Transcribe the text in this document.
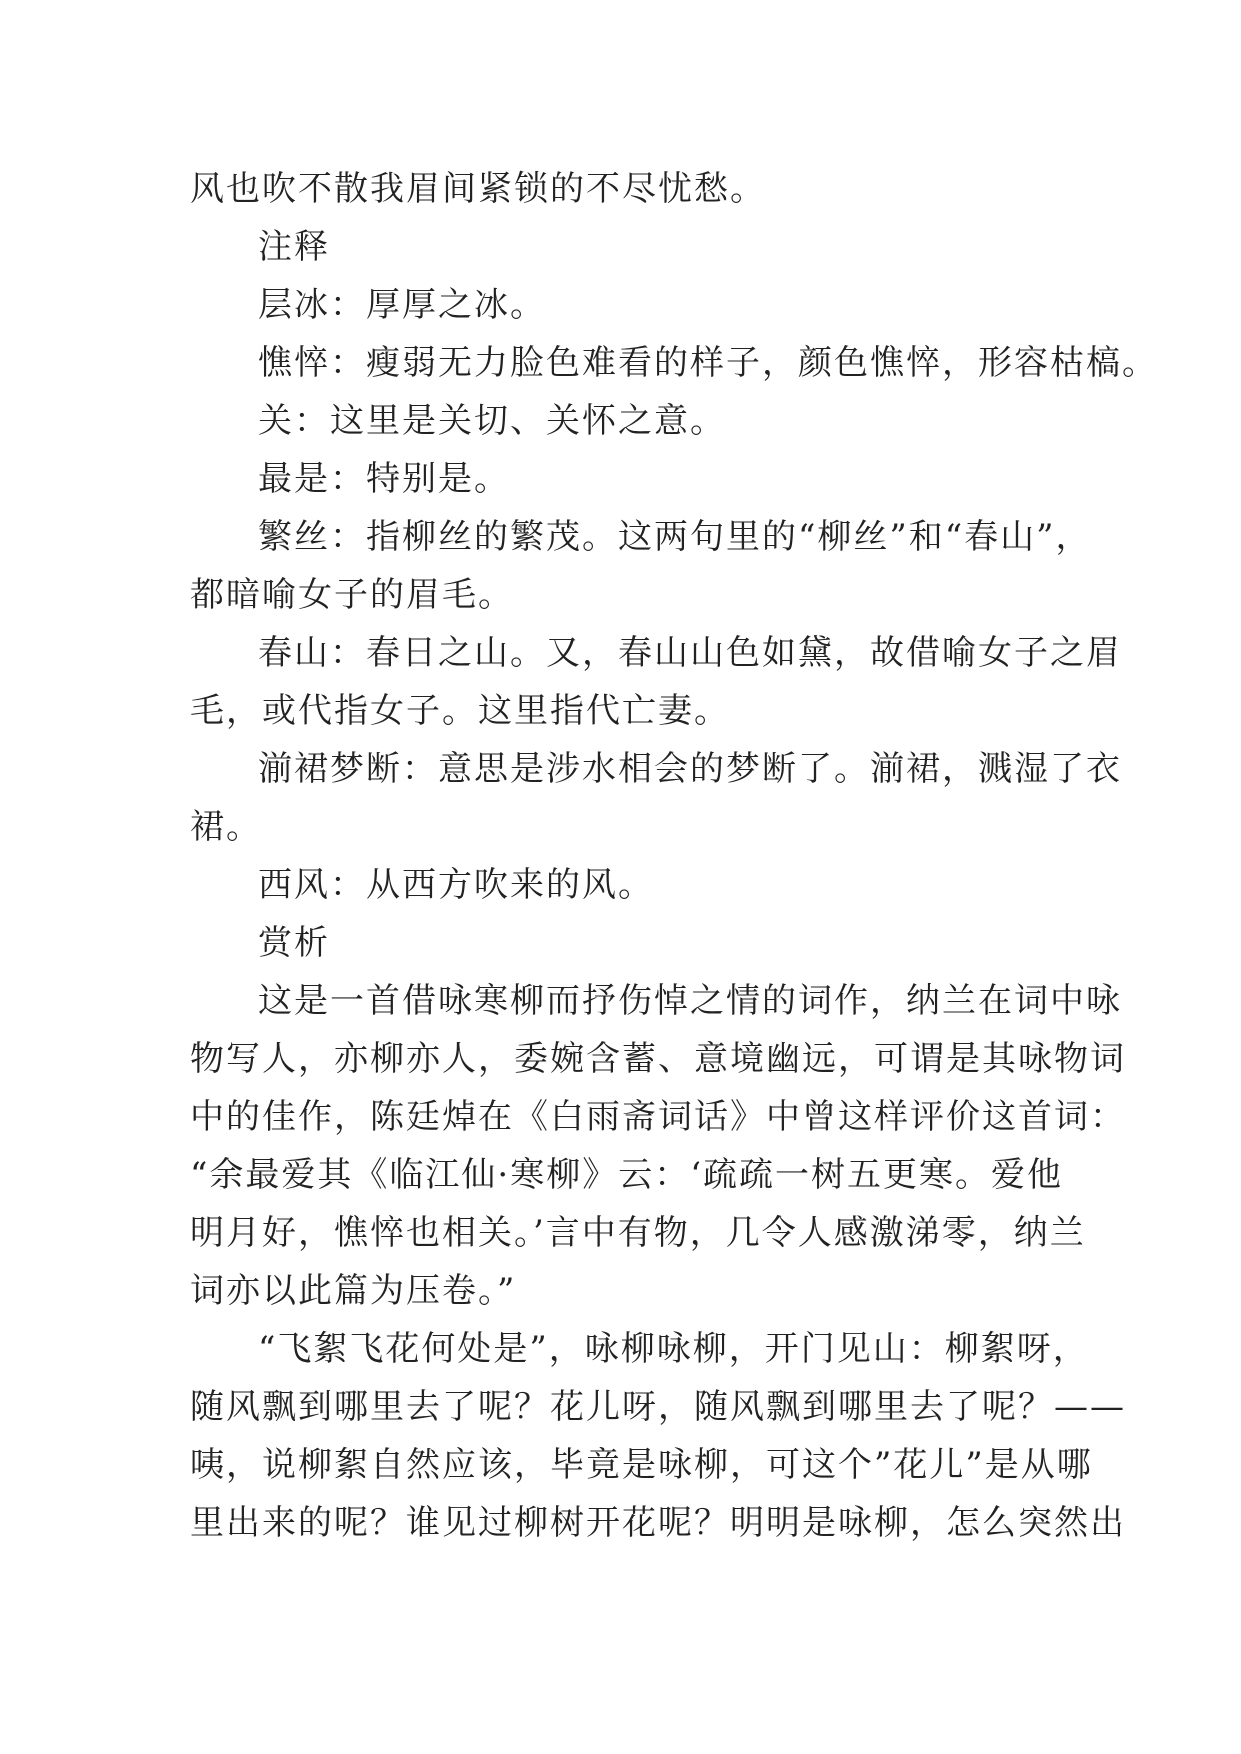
风也吹不散我眉间紧锁的不尽忧愁。
注释
层冰：厚厚之冰。
憔悴：瘦弱无力脸色难看的样子，颜色憔悴，形容枯槁。
关：这里是关切、关怀之意。
最是：特别是。
繁丝：指柳丝的繁茂。这两句里的“柳丝”和“春山”，
都暗喻女子的眉毛。
春山：春日之山。又，春山山色如黛，故借喻女子之眉
毛，或代指女子。这里指代亡妻。
湔裙梦断：意思是涉水相会的梦断了。湔裙，溅湿了衣
裙。
西风：从西方吹来的风。
赏析
这是一首借咏寒柳而抒伤悼之情的词作，纳兰在词中咏
物写人，亦柳亦人，委婉含蓄、意境幽远，可谓是其咏物词
中的佳作，陈廷焯在《白雨斋词话》中曾这样评价这首词：
“余最爱其《临江仙·寒柳》云：‘疏疏一树五更寒。爱他
明月好，憔悴也相关。’言中有物，几令人感激涕零，纳兰
词亦以此篇为压卷。”
“飞絮飞花何处是”，咏柳咏柳，开门见山：柳絮呀，
随风飘到哪里去了呢？花儿呀，随风飘到哪里去了呢？——
咦，说柳絮自然应该，毕竟是咏柳，可这个”花儿”是从哪
里出来的呢？谁见过柳树开花呢？明明是咏柳，怎么突然出
